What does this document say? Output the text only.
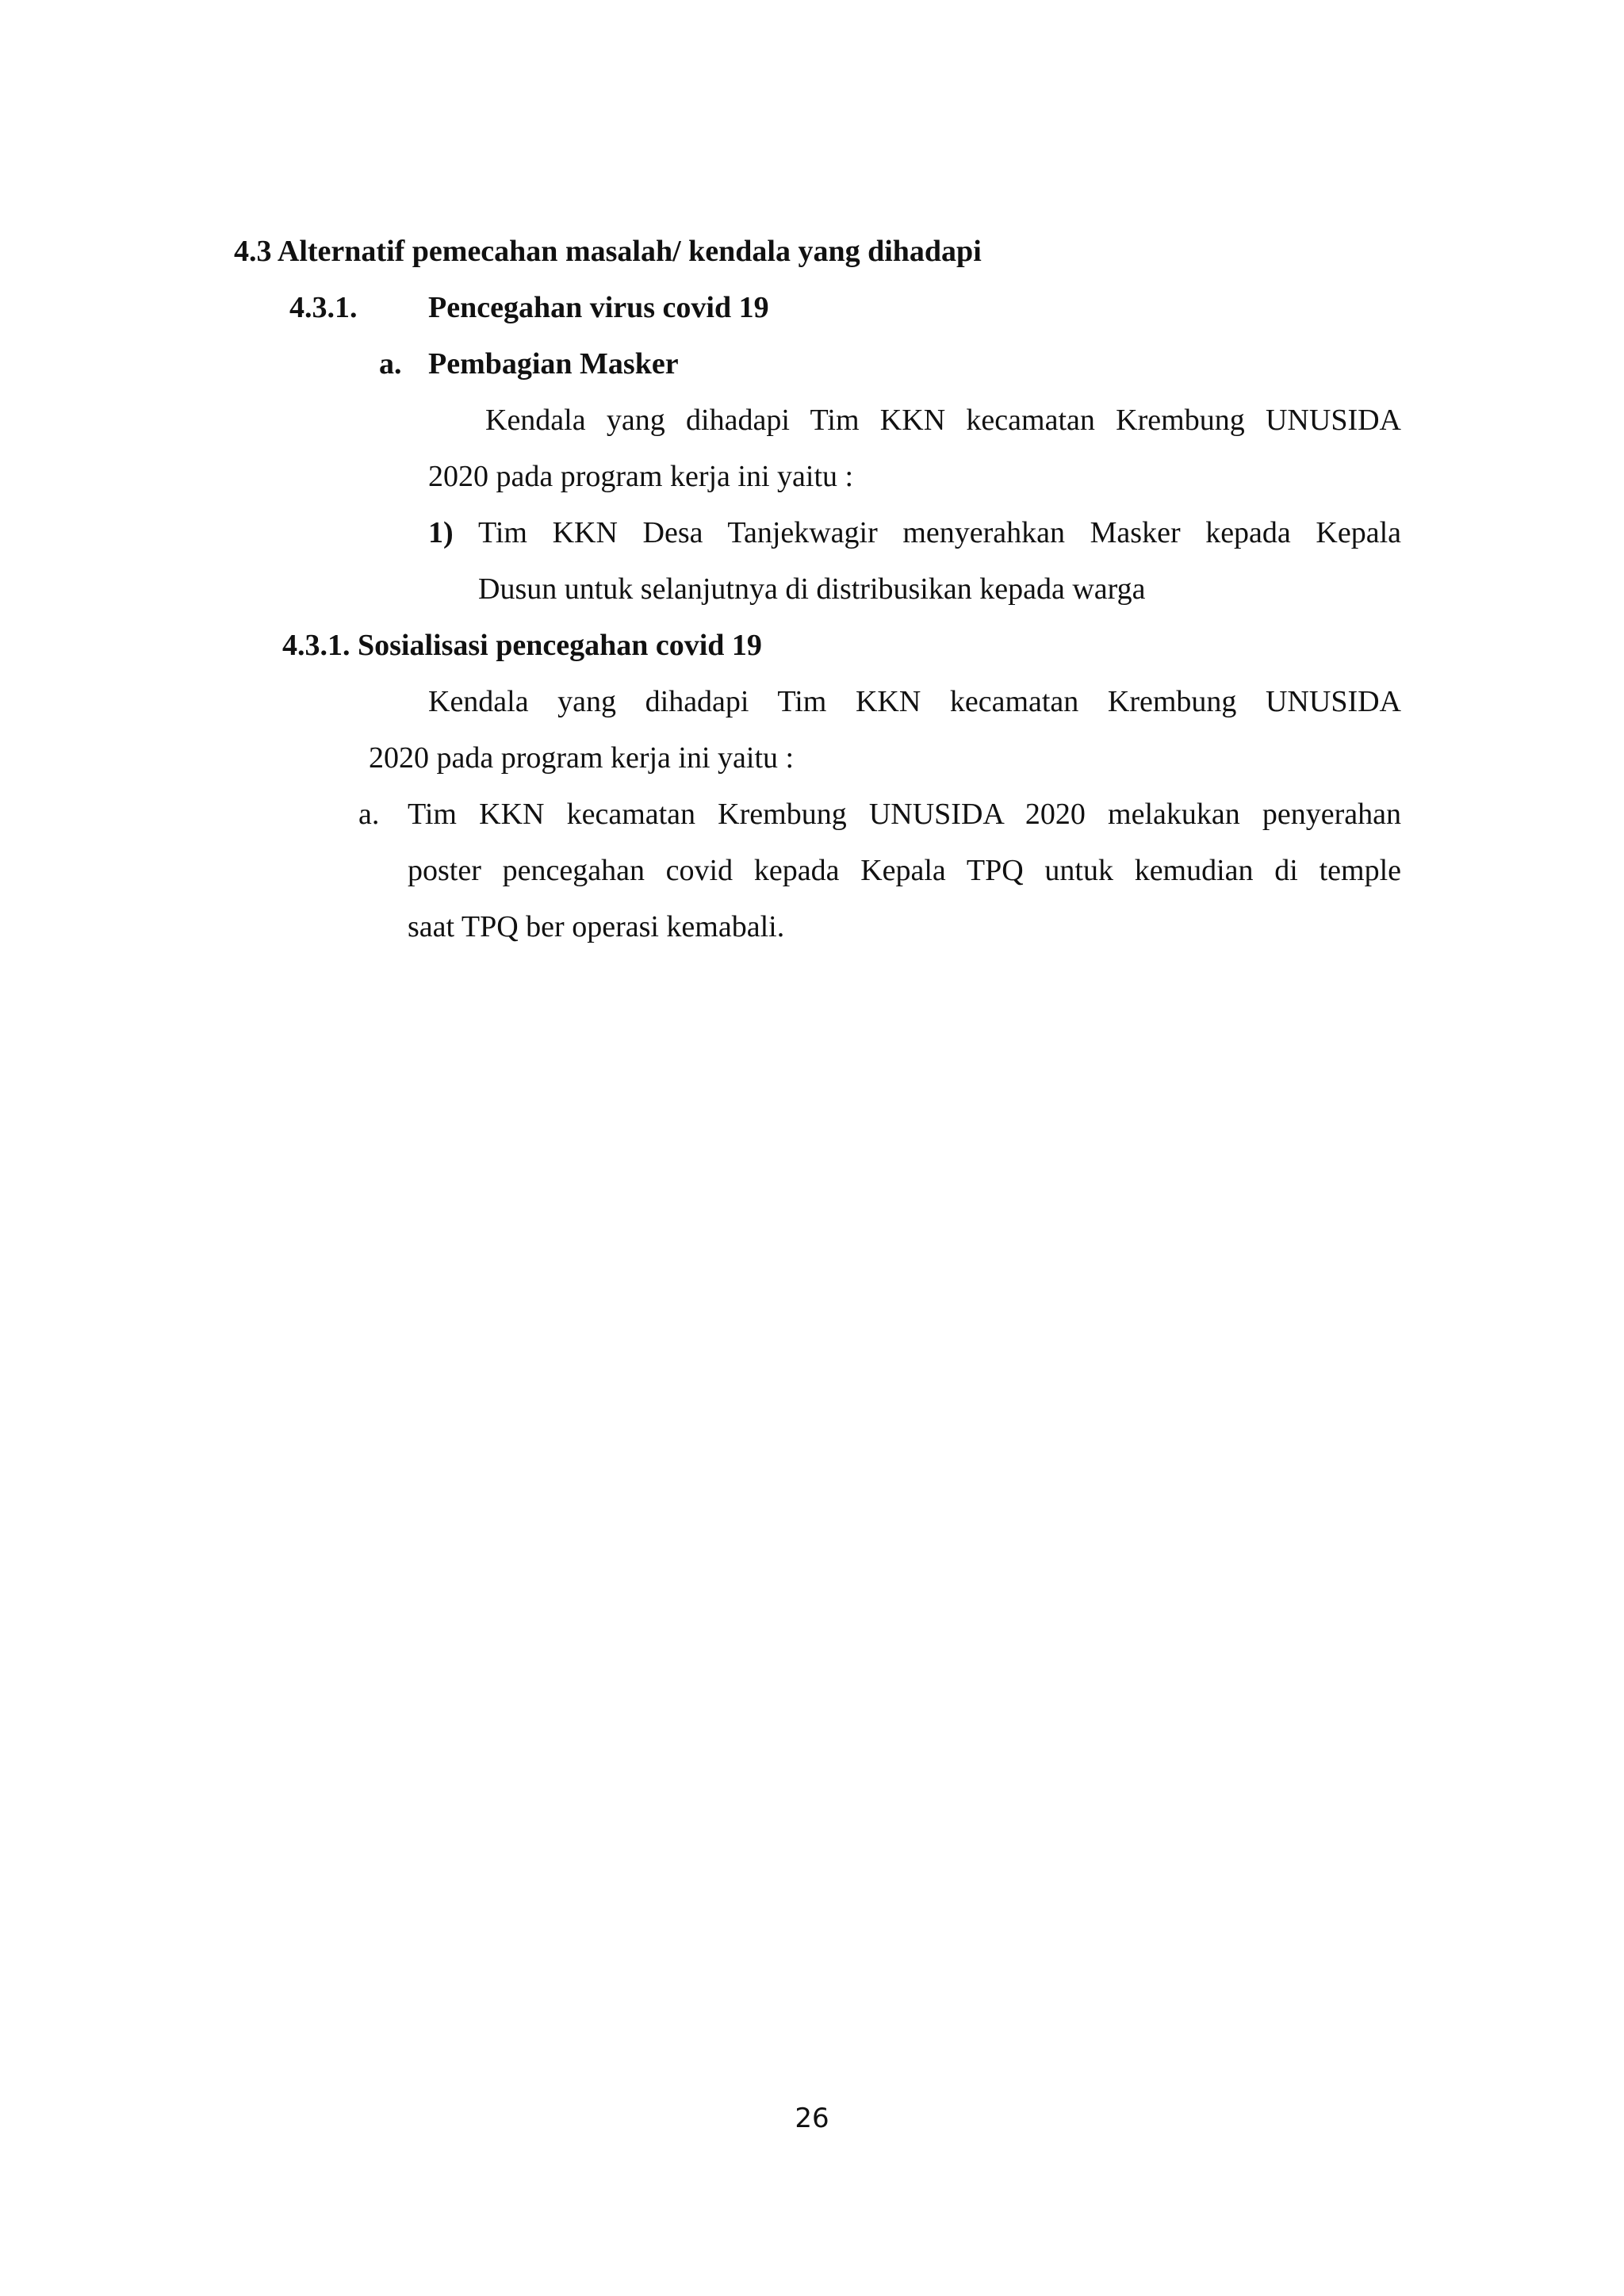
4.3 Alternatif pemecahan masalah/ kendala yang dihadapi
4.3.1. Pencegahan virus covid 19
a. Pembagian Masker
Kendala yang dihadapi Tim KKN kecamatan Krembung UNUSIDA
2020 pada program kerja ini yaitu :
1) Tim KKN Desa Tanjekwagir menyerahkan Masker kepada Kepala
Dusun untuk selanjutnya di distribusikan kepada warga
4.3.1. Sosialisasi pencegahan covid 19
Kendala yang dihadapi Tim KKN kecamatan Krembung UNUSIDA
2020 pada program kerja ini yaitu :
a. Tim KKN kecamatan Krembung UNUSIDA 2020 melakukan penyerahan
poster pencegahan covid kepada Kepala TPQ untuk kemudian di temple
saat TPQ ber operasi kemabali.
26
